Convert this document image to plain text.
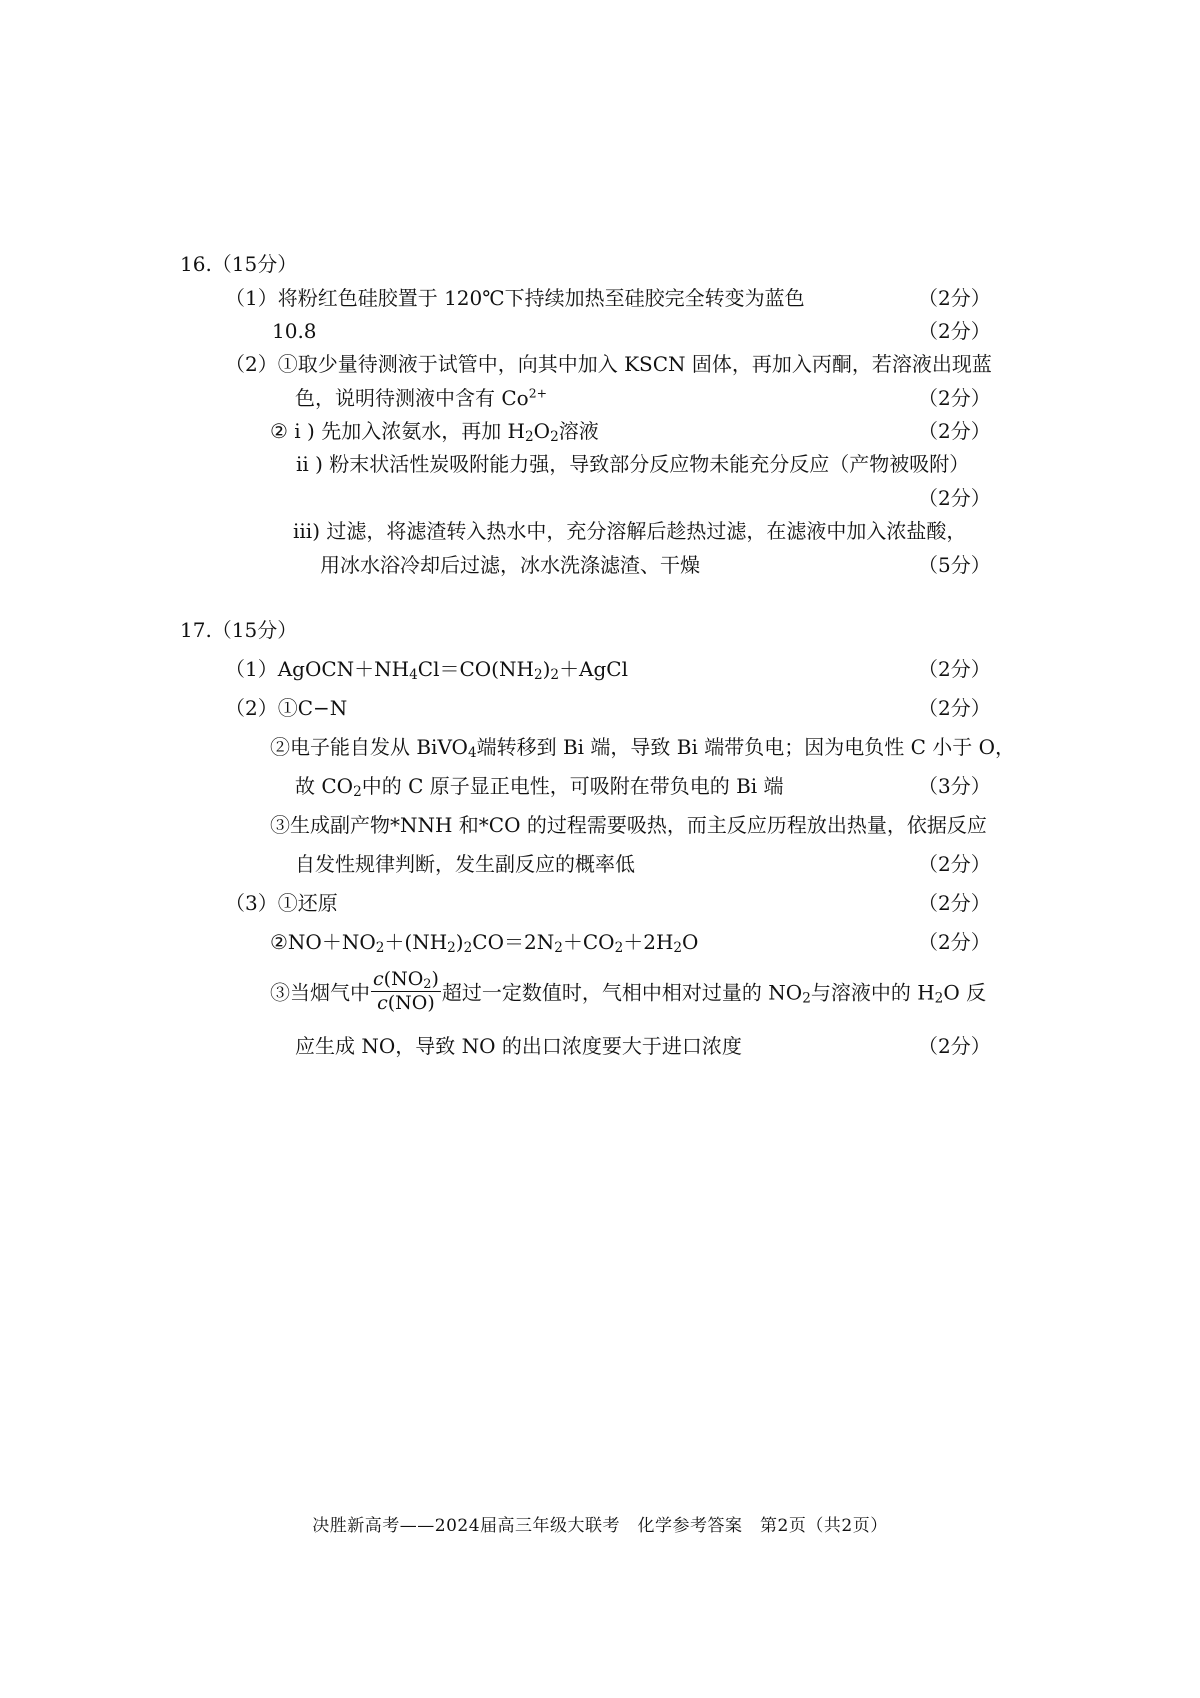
16.（15分）
（1）将粉红色硅胶置于 120℃下持续加热至硅胶完全转变为蓝色	（2分）
10.8	（2分）
（2）①取少量待测液于试管中，向其中加入 KSCN 固体，再加入丙酮，若溶液出现蓝
色，说明待测液中含有 $Co^{2+}$	（2分）
② i ) 先加入浓氨水，再加 $H_2O_2$溶液	（2分）
ii ) 粉末状活性炭吸附能力强，导致部分反应物未能充分反应（产物被吸附）
（2分）
iii) 过滤，将滤渣转入热水中，充分溶解后趁热过滤，在滤液中加入浓盐酸，
用冰水浴冷却后过滤，冰水洗涤滤渣、干燥	（5分）
17.（15分）
$(1)AgOCN+NH_4Cl=CO(NH_2)_2+AgCl$	（2分）
（2）①C−N	（2分）
②电子能自发从 BiVO$_4$端转移到 Bi 端，导致 Bi 端带负电；因为电负性 C 小于 O，
故 $CO_2$中的 C 原子显正电性，可吸附在带负电的 Bi 端	（3分）
③生成副产物*NNH 和*CO 的过程需要吸热，而主反应历程放出热量，依据反应
自发性规律判断，发生副反应的概率低	（2分）
（3）①还原	（2分）
$②NO+NO_2+(NH_2)_2CO=2N_2+CO_2+2H_2O$	（2分）
③当烟气中 $\frac{c(NO_2)}{c(NO)}$ 超过一定数值时，气相中相对过量的 $NO_2$与溶液中的 $H_2O$ 反
应生成 NO，导致 NO 的出口浓度要大于进口浓度	（2分）
决胜新高考——2024届高三年级大联考　化学参考答案　第2页（共2页）
